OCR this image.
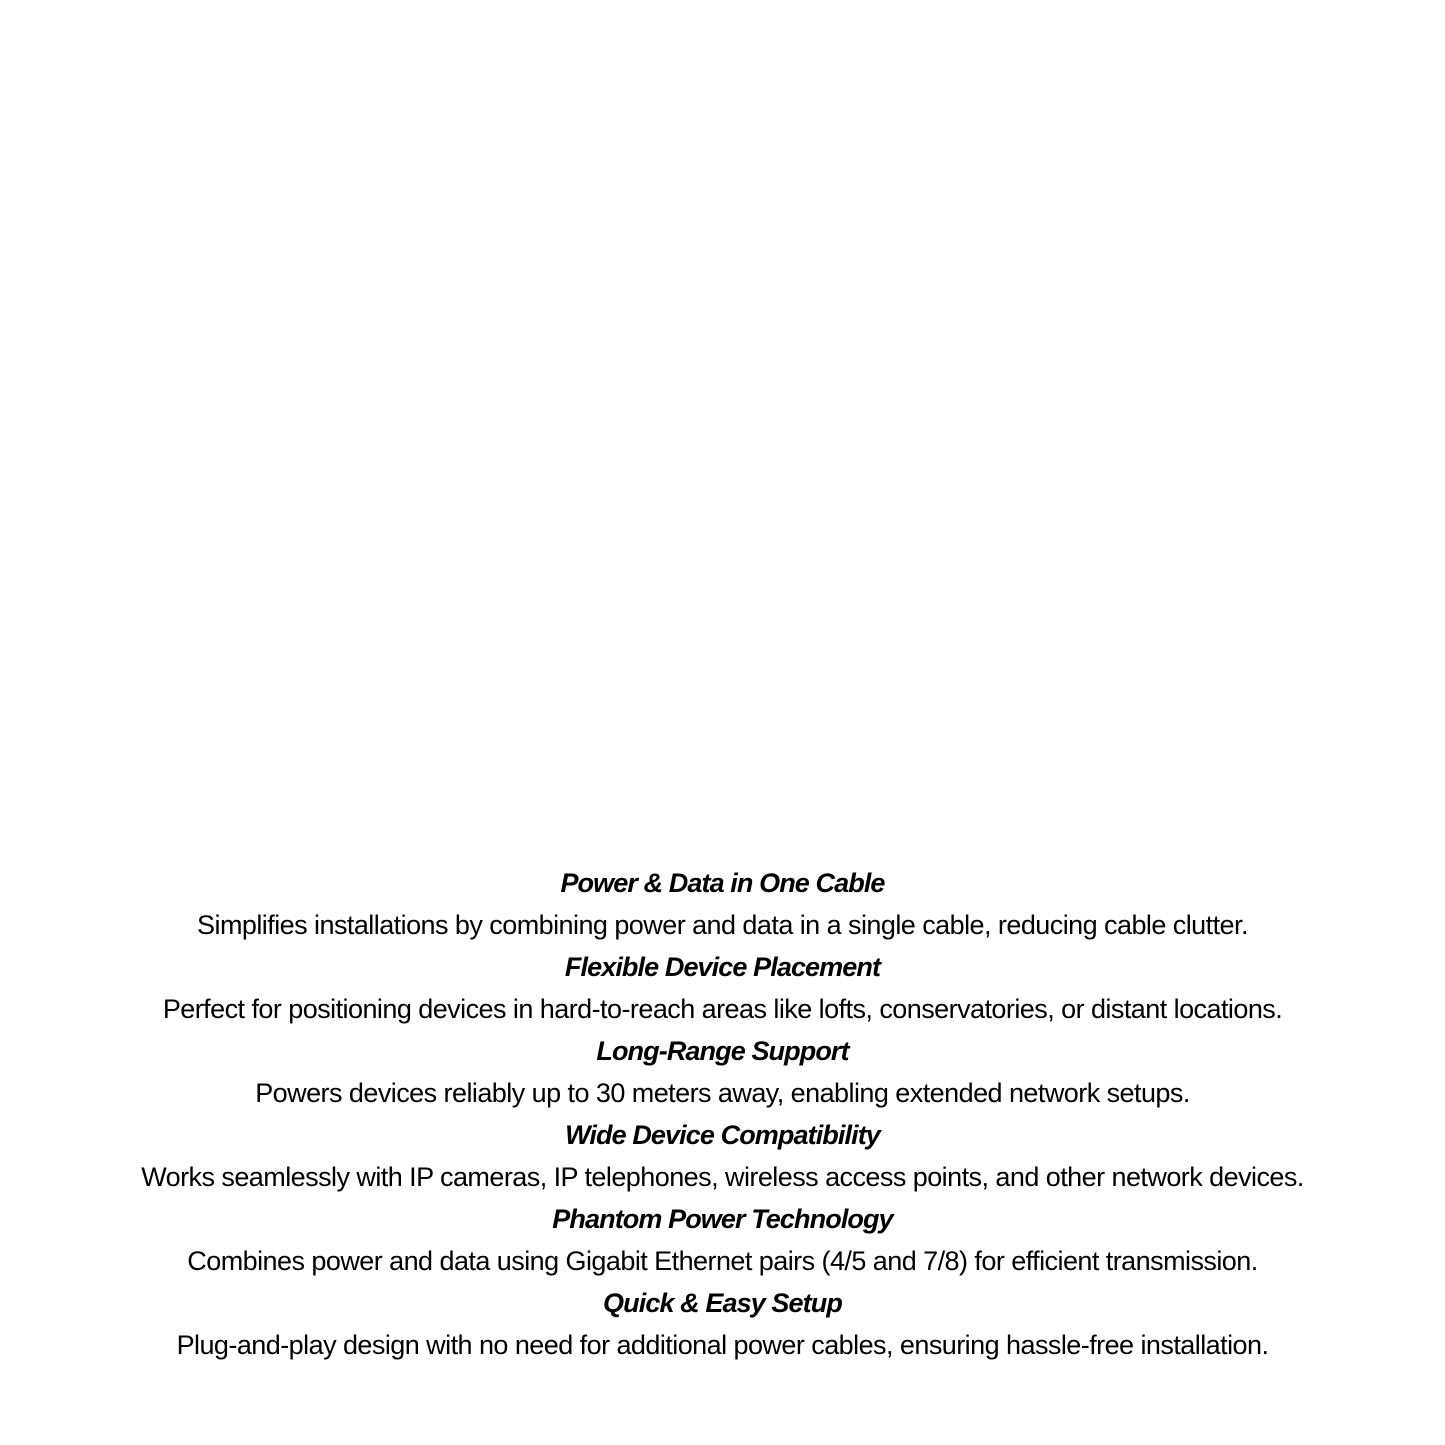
Power & Data in One Cable
Simplifies installations by combining power and data in a single cable, reducing cable clutter.
Flexible Device Placement
Perfect for positioning devices in hard-to-reach areas like lofts, conservatories, or distant locations.
Long-Range Support
Powers devices reliably up to 30 meters away, enabling extended network setups.
Wide Device Compatibility
Works seamlessly with IP cameras, IP telephones, wireless access points, and other network devices.
Phantom Power Technology
Combines power and data using Gigabit Ethernet pairs (4/5 and 7/8) for efficient transmission.
Quick & Easy Setup
Plug-and-play design with no need for additional power cables, ensuring hassle-free installation.
